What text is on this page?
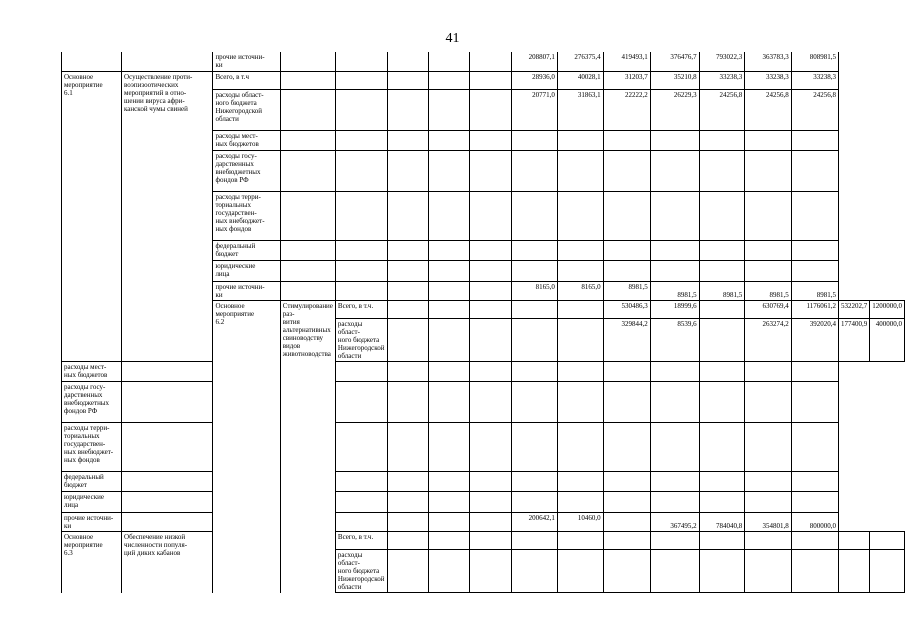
41
		прочие источни-
ки						208807,1	276375,4	419493,1	376476,7	793022,3	363783,3	808981,5		
Основное
мероприятие
6.1	Осуществление проти-
воэпизоотических
мероприятий в отно-
шении вируса афри-
канской чумы свиней	Всего, в т.ч						28936,0	40028,1	31203,7	35210,8	33238,3	33238,3	33238,3		
		расходы област-
ного бюджета
Нижегородской
области						20771,0	31863,1	22222,2	26229,3	24256,8	24256,8	24256,8		
		расходы мест-
ных бюджетов														
		расходы госу-
дарственных
внебюджетных
фондов РФ														
		расходы терри-
ториальных
государствен-
ных внебюджет-
ных фондов														
		федеральный
бюджет														
		юридические
лица														
		прочие источни-
ки						8165,0	8165,0	8981,5	8981,5	8981,5	8981,5	8981,5		
		Основное
мероприятие
6.2	Стимулирование раз-
вития альтернативных
свиноводству видов
животноводства	Всего, в т.ч.						530486,3	18999,6		630769,4	1176061,2	532202,7	1200000,0
				расходы област-
ного бюджета
Нижегородской
области						329844,2	8539,6		263274,2	392020,4	177400,9	400000,0
расходы мест-
ных бюджетов																
расходы госу-
дарственных
внебюджетных
фондов РФ																
расходы терри-
ториальных
государствен-
ных внебюджет-
ных фондов																
федеральный
бюджет																
юридические
лица																
прочие источни-
ки								200642,1	10460,0		367495,2	784040,8	354801,8	800000,0		
Основное
мероприятие
6.3	Обеспечение низкой
численности популя-
ций диких кабанов			Всего, в т.ч.												
				расходы област-
ного бюджета
Нижегородской
области												
